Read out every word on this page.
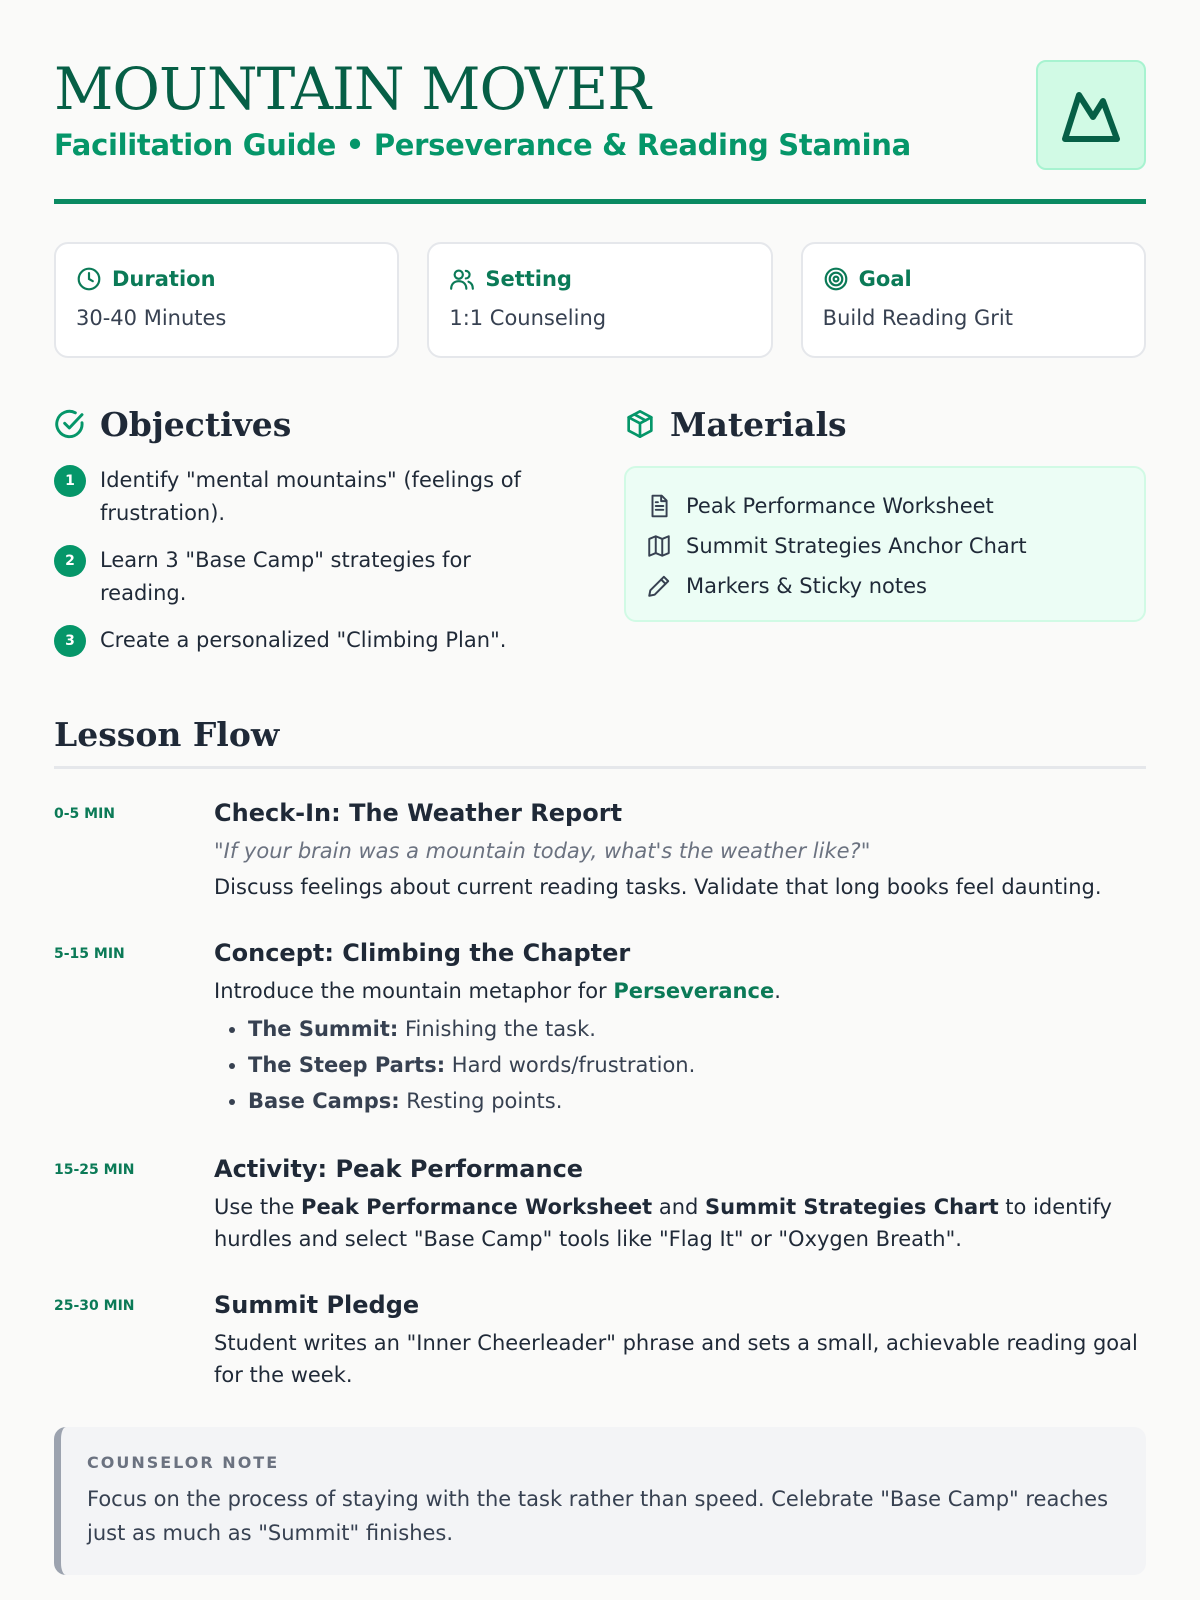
MOUNTAIN MOVER
Facilitation Guide • Perseverance & Reading Stamina
Duration
30-40 Minutes
Setting
1:1 Counseling
Goal
Build Reading Grit
Objectives
1	Identify "mental mountains" (feelings of frustration).
2	Learn 3 "Base Camp" strategies for reading.
3	Create a personalized "Climbing Plan".
Materials
Peak Performance Worksheet
Summit Strategies Anchor Chart
Markers & Sticky notes
Lesson Flow
0-5 MIN	Check-In: The Weather Report
"If your brain was a mountain today, what's the weather like?"
Discuss feelings about current reading tasks. Validate that long books feel daunting.
5-15 MIN	Concept: Climbing the Chapter
Introduce the mountain metaphor for Perseverance.
• The Summit: Finishing the task.
• The Steep Parts: Hard words/frustration.
• Base Camps: Resting points.
15-25 MIN	Activity: Peak Performance
Use the Peak Performance Worksheet and Summit Strategies Chart to identify hurdles and select "Base Camp" tools like "Flag It" or "Oxygen Breath".
25-30 MIN	Summit Pledge
Student writes an "Inner Cheerleader" phrase and sets a small, achievable reading goal for the week.
COUNSELOR NOTE
Focus on the process of staying with the task rather than speed. Celebrate "Base Camp" reaches just as much as "Summit" finishes.
